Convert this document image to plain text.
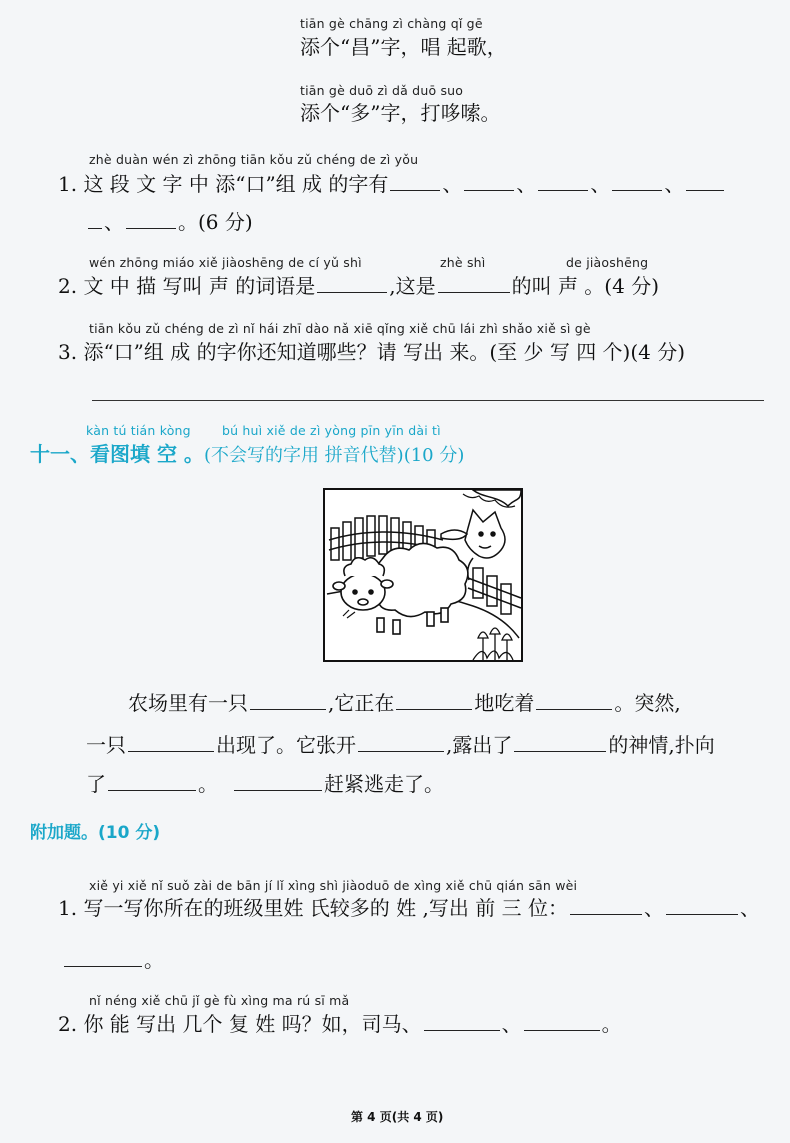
tiān gè chāng zì chàng qǐ gē
添个“昌”字，唱 起歌，
tiān gè duō zì dǎ duō suo
添个“多”字，打哆嗦。
zhè duàn wén zì zhōng tiān kǒu zǔ chéng de zì yǒu
1. 这 段 文 字 中 添“口”组 成 的字有	、	、	、	、
、	。(6 分)
wén zhōng miáo xiě jiàoshēng de cí yǔ shì	zhè shì	de jiàoshēng
2. 文 中 描 写叫 声 的词语是	,这是	的叫 声 。(4 分)
tiān kǒu zǔ chéng de zì nǐ hái zhī dào nǎ xiē qǐng xiě chū lái zhì shǎo xiě sì gè
3. 添“口”组 成 的字你还知道哪些？请 写出 来。(至 少 写 四 个)(4 分)
kàn tú tián kòng bú huì xiě de zì yòng pīn yīn dài tì
十一、看图填 空 。(不会写的字用 拼音代替)(10 分)
农场里有一只	,它正在	地吃着	。突然,
一只	出现了。它张开	,露出了	的神情,扑向
了	。	赶紧逃走了。
附加题。(10 分)
xiě yi xiě nǐ suǒ zài de bān jí lǐ xìng shì jiàoduō de xìng xiě chū qián sān wèi
1. 写一写你所在的班级里姓 氏较多的 姓 ,写出 前 三 位：	、	、
。
nǐ néng xiě chū jǐ gè fù xìng ma rú sī mǎ
2. 你 能 写出 几个 复 姓 吗？如，司马、	、	。
第 4 页(共 4 页)
